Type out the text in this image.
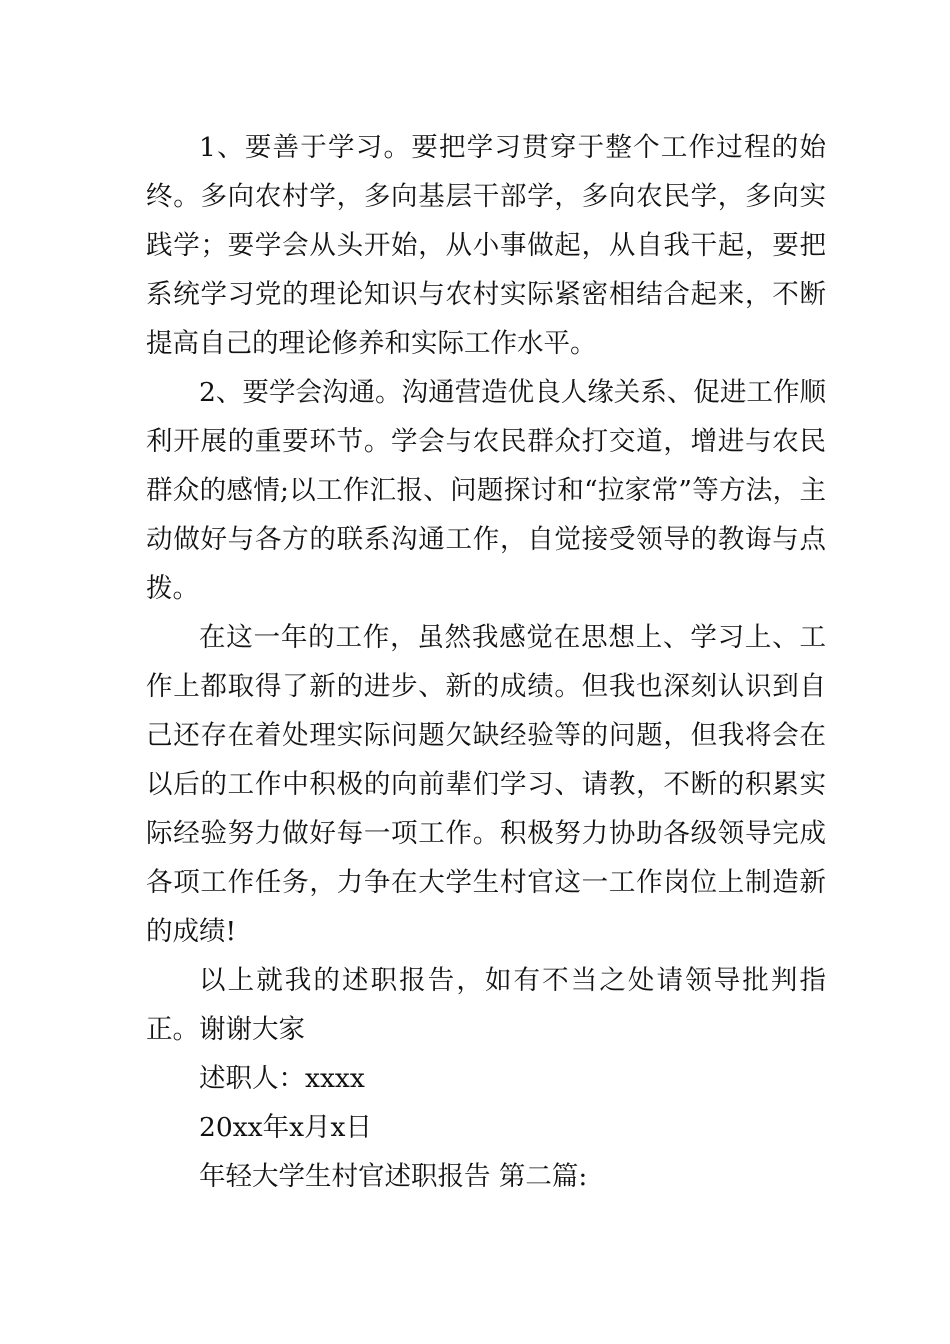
1、要善于学习。要把学习贯穿于整个工作过程的始终。多向农村学，多向基层干部学，多向农民学，多向实践学；要学会从头开始，从小事做起，从自我干起，要把系统学习党的理论知识与农村实际紧密相结合起来，不断提高自己的理论修养和实际工作水平。

2、要学会沟通。沟通营造优良人缘关系、促进工作顺利开展的重要环节。学会与农民群众打交道，增进与农民群众的感情;以工作汇报、问题探讨和“拉家常”等方法，主动做好与各方的联系沟通工作，自觉接受领导的教诲与点拨。

在这一年的工作，虽然我感觉在思想上、学习上、工作上都取得了新的进步、新的成绩。但我也深刻认识到自己还存在着处理实际问题欠缺经验等的问题，但我将会在以后的工作中积极的向前辈们学习、请教，不断的积累实际经验努力做好每一项工作。积极努力协助各级领导完成各项工作任务，力争在大学生村官这一工作岗位上制造新的成绩!

以上就我的述职报告，如有不当之处请领导批判指正。谢谢大家

述职人：xxxx

20xx年x月x日

年轻大学生村官述职报告 第二篇:
